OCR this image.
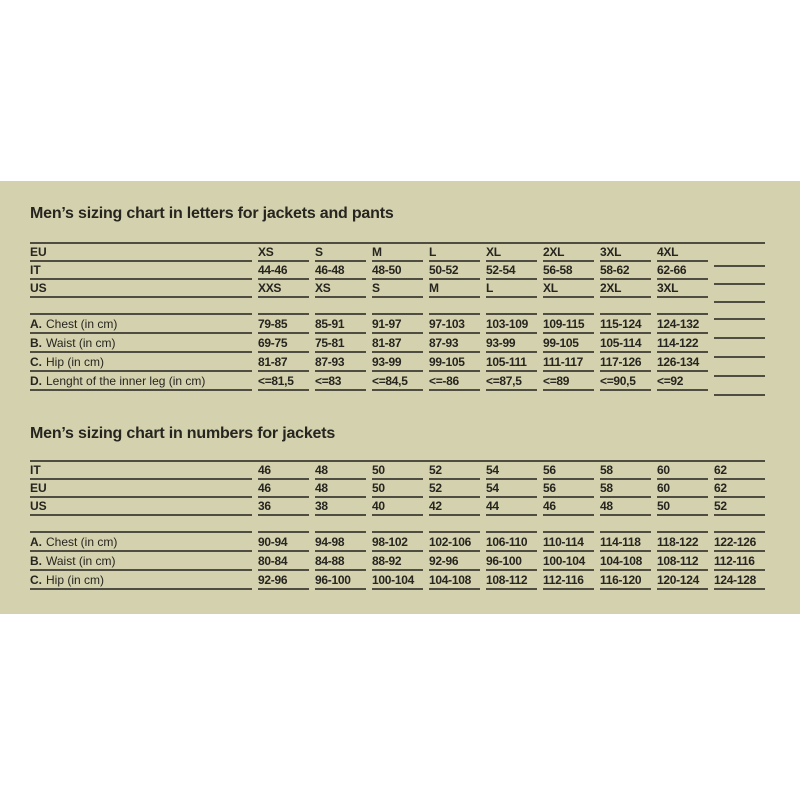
Men’s sizing chart in letters for jackets and pants
EU	XS	S	M	L	XL	2XL	3XL	4XL
IT	44-46	46-48	48-50	50-52	52-54	56-58	58-62	62-66
US	XXS	XS	S	M	L	XL	2XL	3XL
A. Chest (in cm)	79-85	85-91	91-97	97-103	103-109	109-115	115-124	124-132
B. Waist (in cm)	69-75	75-81	81-87	87-93	93-99	99-105	105-114	114-122
C. Hip (in cm)	81-87	87-93	93-99	99-105	105-111	111-117	117-126	126-134
D. Lenght of the inner leg (in cm)	<=81,5	<=83	<=84,5	<=-86	<=87,5	<=89	<=90,5	<=92
Men’s sizing chart in numbers for jackets
IT	46	48	50	52	54	56	58	60	62
EU	46	48	50	52	54	56	58	60	62
US	36	38	40	42	44	46	48	50	52
A. Chest (in cm)	90-94	94-98	98-102	102-106	106-110	110-114	114-118	118-122	122-126
B. Waist (in cm)	80-84	84-88	88-92	92-96	96-100	100-104	104-108	108-112	112-116
C. Hip (in cm)	92-96	96-100	100-104	104-108	108-112	112-116	116-120	120-124	124-128
